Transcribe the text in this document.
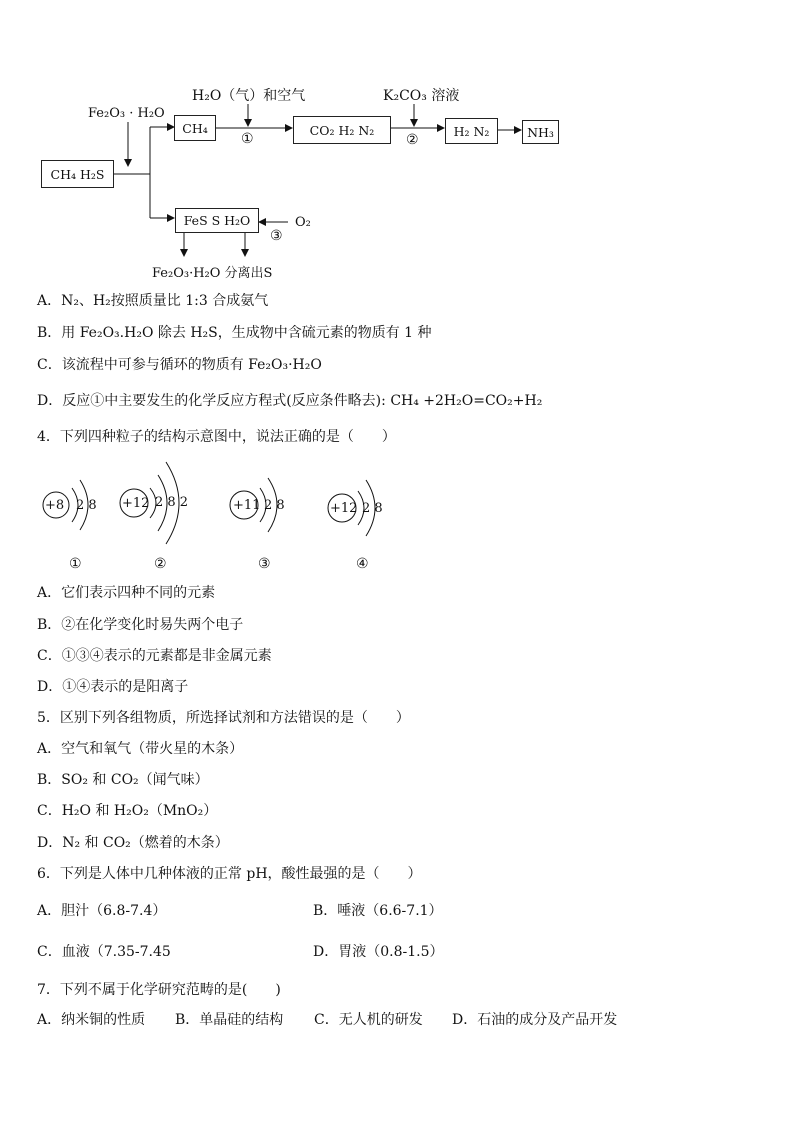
Fe₂O₃ · H₂O
CH₄ H₂S
CH₄
H₂O（气）和空气
①
CO₂ H₂ N₂
K₂CO₃ 溶液
②
H₂ N₂	NH₃
FeS S H₂O	O₂
③
Fe₂O₃·H₂O 分离出S
A．N₂、H₂按照质量比 1:3 合成氨气
B．用 Fe₂O₃.H₂O 除去 H₂S，生成物中含硫元素的物质有 1 种
C．该流程中可参与循环的物质有 Fe₂O₃·H₂O
D．反应①中主要发生的化学反应方程式(反应条件略去): CH₄ +2H₂O=CO₂+H₂
4．下列四种粒子的结构示意图中，说法正确的是（　　）
+8 2 8
①
+12 2 8 2
②
+11 2 8
③
+12 2 8
④
A．它们表示四种不同的元素
B．②在化学变化时易失两个电子
C．①③④表示的元素都是非金属元素
D．①④表示的是阳离子
5．区别下列各组物质，所选择试剂和方法错误的是（　　）
A．空气和氧气（带火星的木条）
B．SO₂ 和 CO₂（闻气味）
C．H₂O 和 H₂O₂（MnO₂）
D．N₂ 和 CO₂（燃着的木条）
6．下列是人体中几种体液的正常 pH，酸性最强的是（　　）
A．胆汁（6.8-7.4）	B．唾液（6.6-7.1）
C．血液（7.35-7.45	D．胃液（0.8-1.5）
7．下列不属于化学研究范畴的是(　　)
A．纳米铜的性质 B．单晶硅的结构 C．无人机的研发 D．石油的成分及产品开发
